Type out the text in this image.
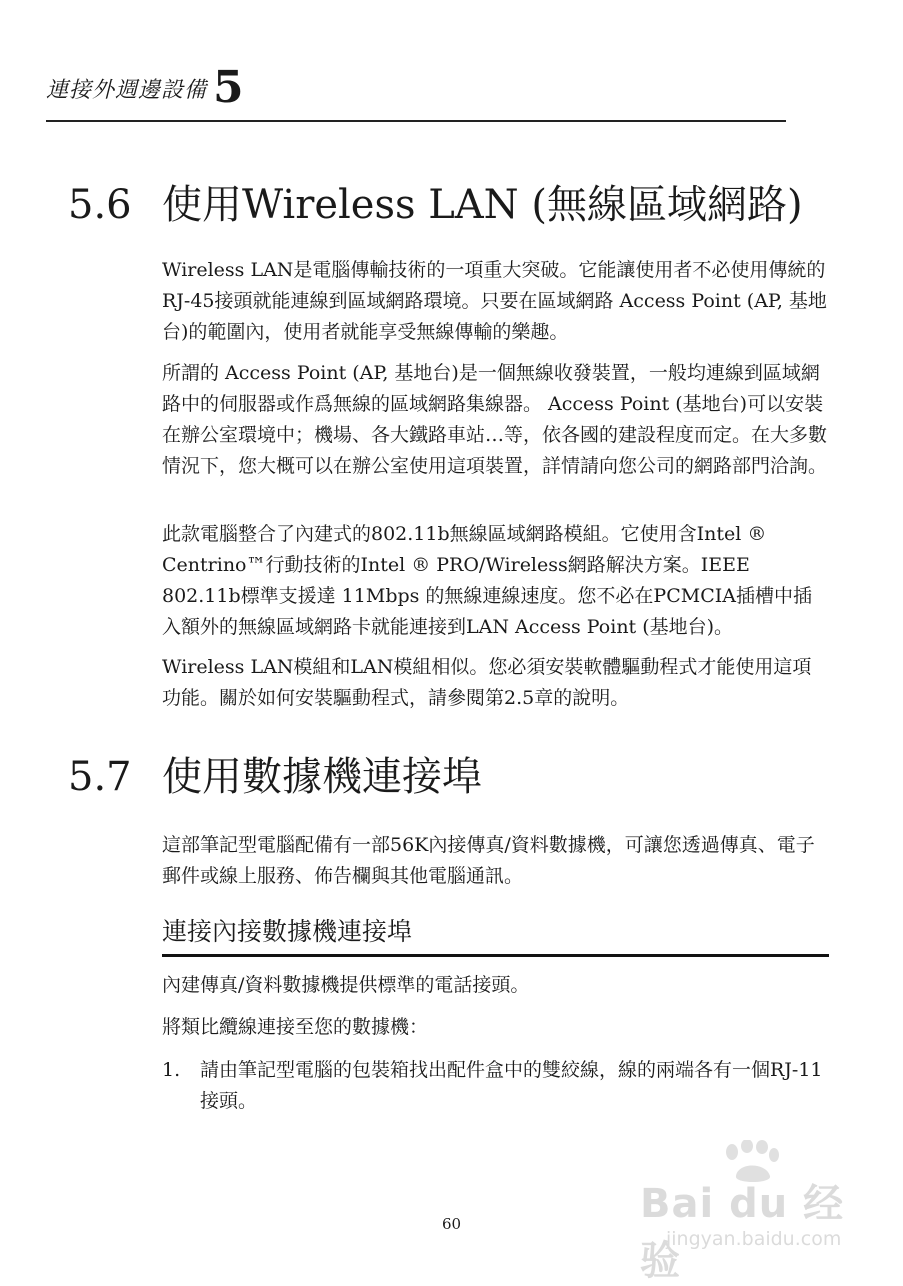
連接外週邊設備 5
5.6 使用Wireless LAN (無線區域網路)

Wireless LAN是電腦傳輸技術的一項重大突破。它能讓使用者不必使用傳統的RJ-45接頭就能連線到區域網路環境。只要在區域網路 Access Point (AP, 基地台)的範圍內，使用者就能享受無線傳輸的樂趣。

所謂的 Access Point (AP, 基地台)是一個無線收發裝置，一般均連線到區域網路中的伺服器或作爲無線的區域網路集線器。 Access Point (基地台)可以安裝在辦公室環境中；機場、各大鐵路車站…等，依各國的建設程度而定。在大多數情況下，您大概可以在辦公室使用這項裝置，詳情請向您公司的網路部門洽詢。

此款電腦整合了內建式的802.11b無線區域網路模組。它使用含Intel ® Centrino™行動技術的Intel ® PRO/Wireless網路解決方案。IEEE 802.11b標準支援達 11Mbps 的無線連線速度。您不必在PCMCIA插槽中插入額外的無線區域網路卡就能連接到LAN Access Point (基地台)。

Wireless LAN模組和LAN模組相似。您必須安裝軟體驅動程式才能使用這項功能。關於如何安裝驅動程式，請參閱第2.5章的說明。

5.7 使用數據機連接埠

這部筆記型電腦配備有一部56K內接傳真/資料數據機，可讓您透過傳真、電子郵件或線上服務、佈告欄與其他電腦通訊。

連接內接數據機連接埠

內建傳真/資料數據機提供標準的電話接頭。

將類比纜線連接至您的數據機：

1.	請由筆記型電腦的包裝箱找出配件盒中的雙絞線，線的兩端各有一個RJ-11接頭。
60	Bai du 经验
jingyan.baidu.com
